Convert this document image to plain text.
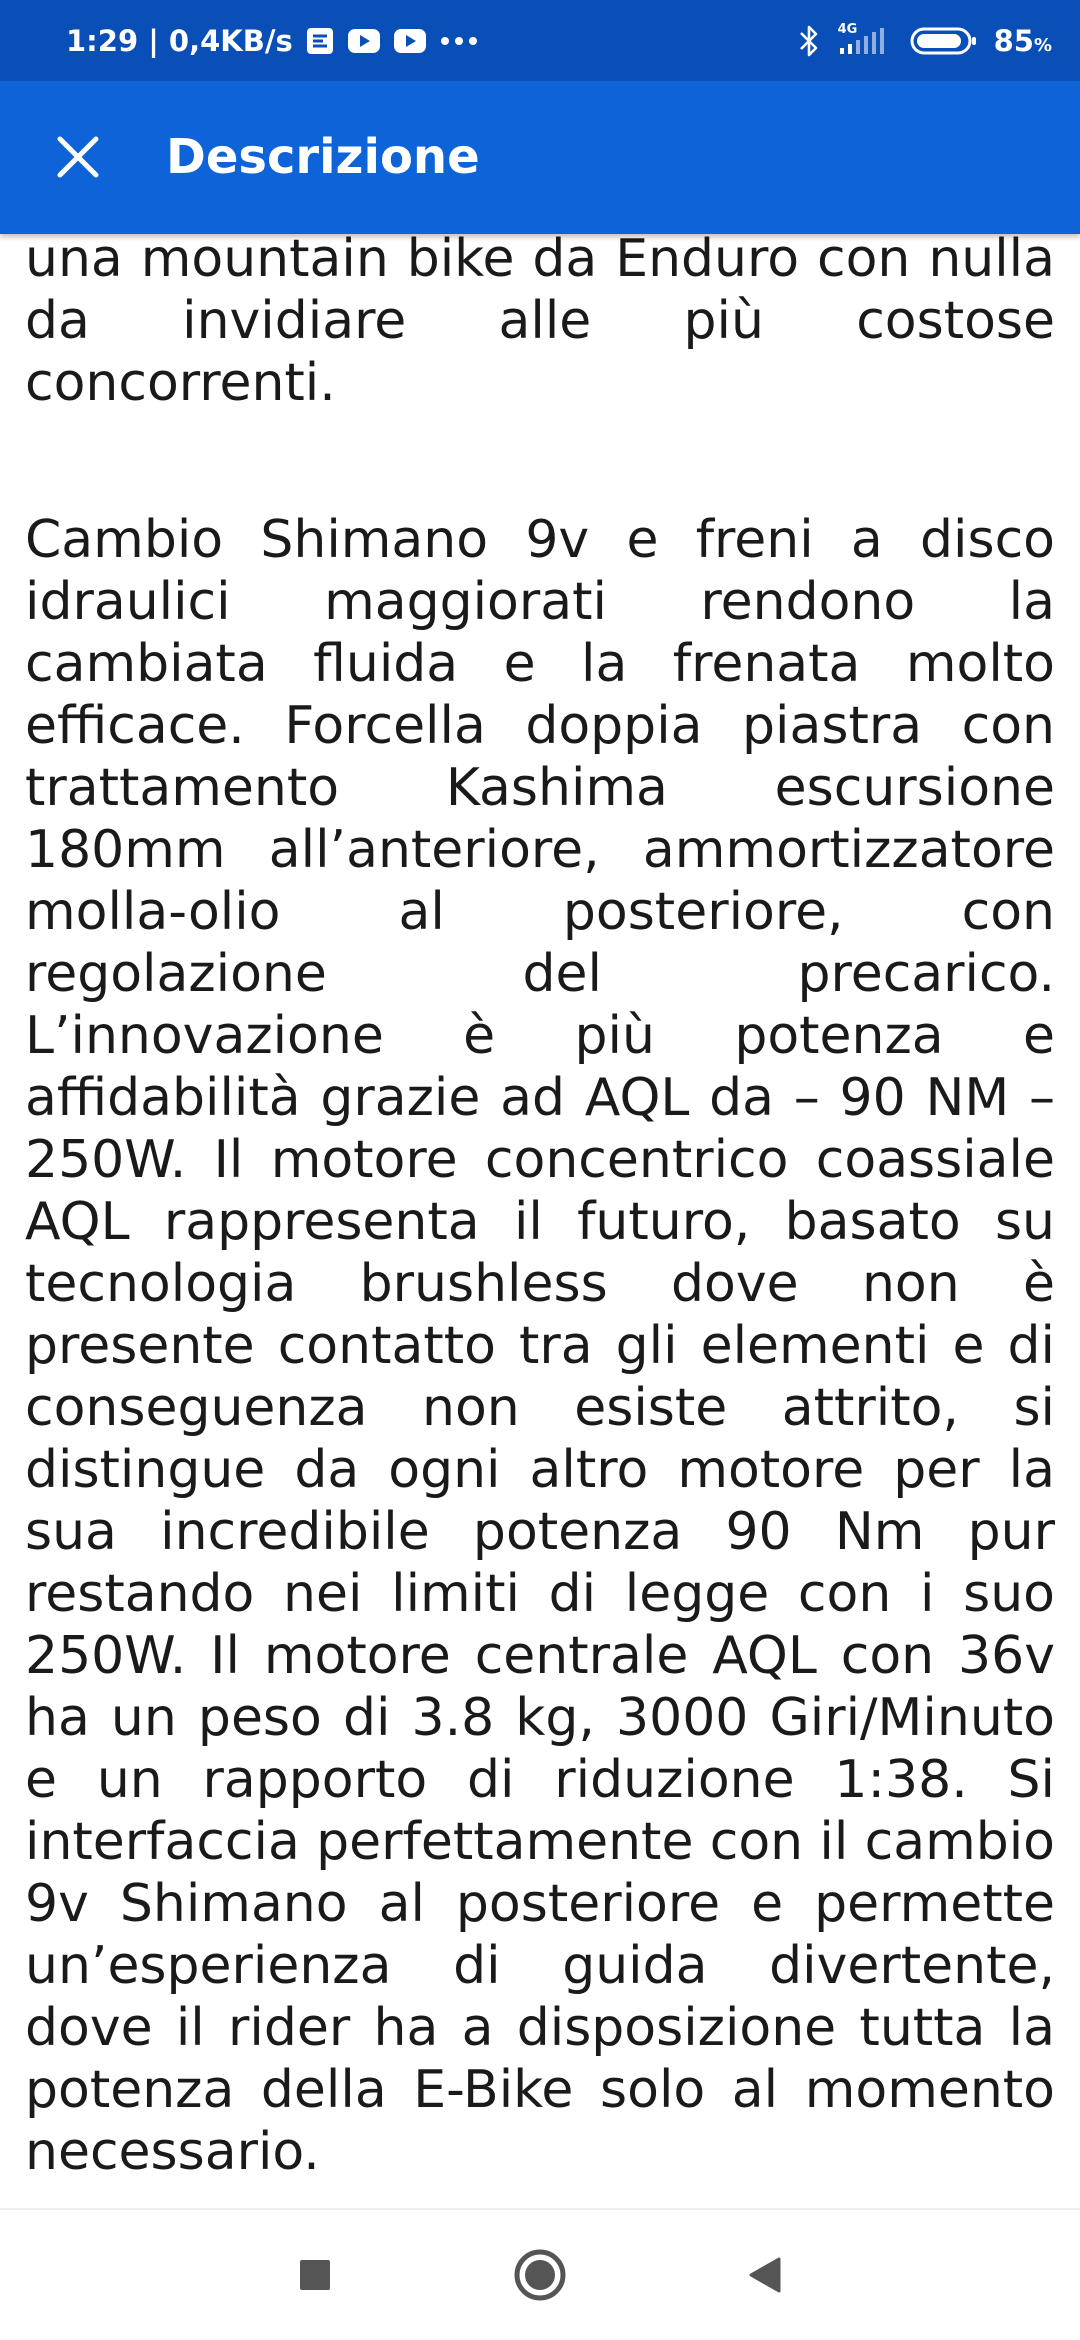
1:29 | 0,4KB/s	4G	85%
Descrizione

una mountain bike da Enduro con nulla da invidiare alle più costose concorrenti.

Cambio Shimano 9v e freni a disco idraulici maggiorati rendono la cambiata fluida e la frenata molto efficace. Forcella doppia piastra con trattamento Kashima escursione 180mm all’anteriore, ammortizzatore molla-olio al posteriore, con regolazione del precarico. L’innovazione è più potenza e affidabilità grazie ad AQL da – 90 NM – 250W. Il motore concentrico coassiale AQL rappresenta il futuro, basato su tecnologia brushless dove non è presente contatto tra gli elementi e di conseguenza non esiste attrito, si distingue da ogni altro motore per la sua incredibile potenza 90 Nm pur restando nei limiti di legge con i suo 250W. Il motore centrale AQL con 36v ha un peso di 3.8 kg, 3000 Giri/Minuto e un rapporto di riduzione 1:38. Si interfaccia perfettamente con il cambio 9v Shimano al posteriore e permette un’esperienza di guida divertente, dove il rider ha a disposizione tutta la potenza della E-Bike solo al momento necessario.
